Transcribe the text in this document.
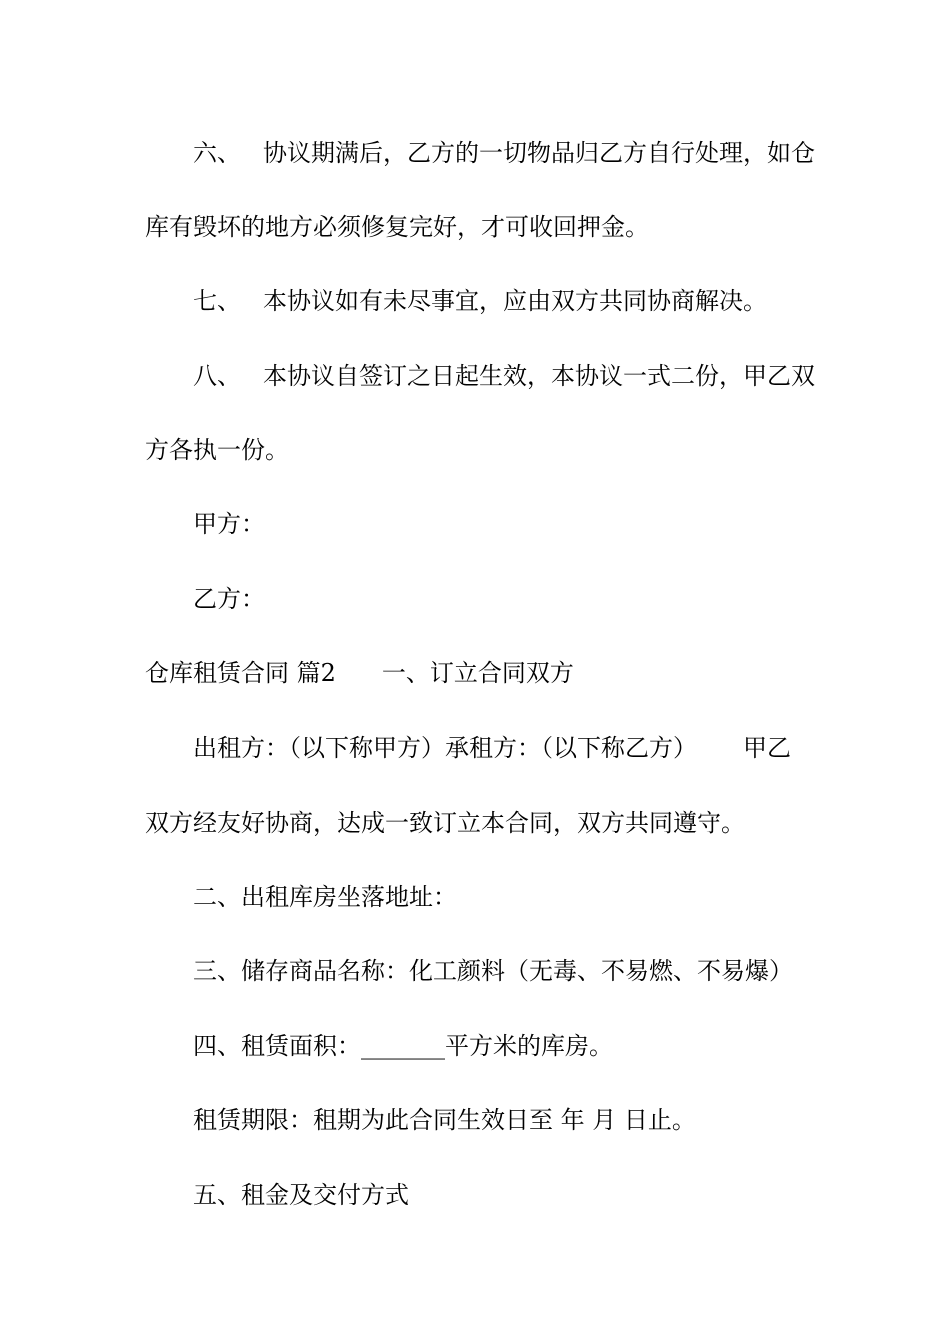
六、 协议期满后，乙方的一切物品归乙方自行处理，如仓
库有毁坏的地方必须修复完好，才可收回押金。
七、 本协议如有未尽事宜，应由双方共同协商解决。
八、 本协议自签订之日起生效，本协议一式二份，甲乙双
方各执一份。
甲方：
乙方：
仓库租赁合同 篇2 一、订立合同双方
出租方：（以下称甲方）承租方：（以下称乙方） 甲乙
双方经友好协商，达成一致订立本合同，双方共同遵守。
二、出租库房坐落地址：
三、储存商品名称：化工颜料（无毒、不易燃、不易爆）
四、租赁面积：_______平方米的库房。
租赁期限：租期为此合同生效日至 年 月 日止。
五、租金及交付方式
